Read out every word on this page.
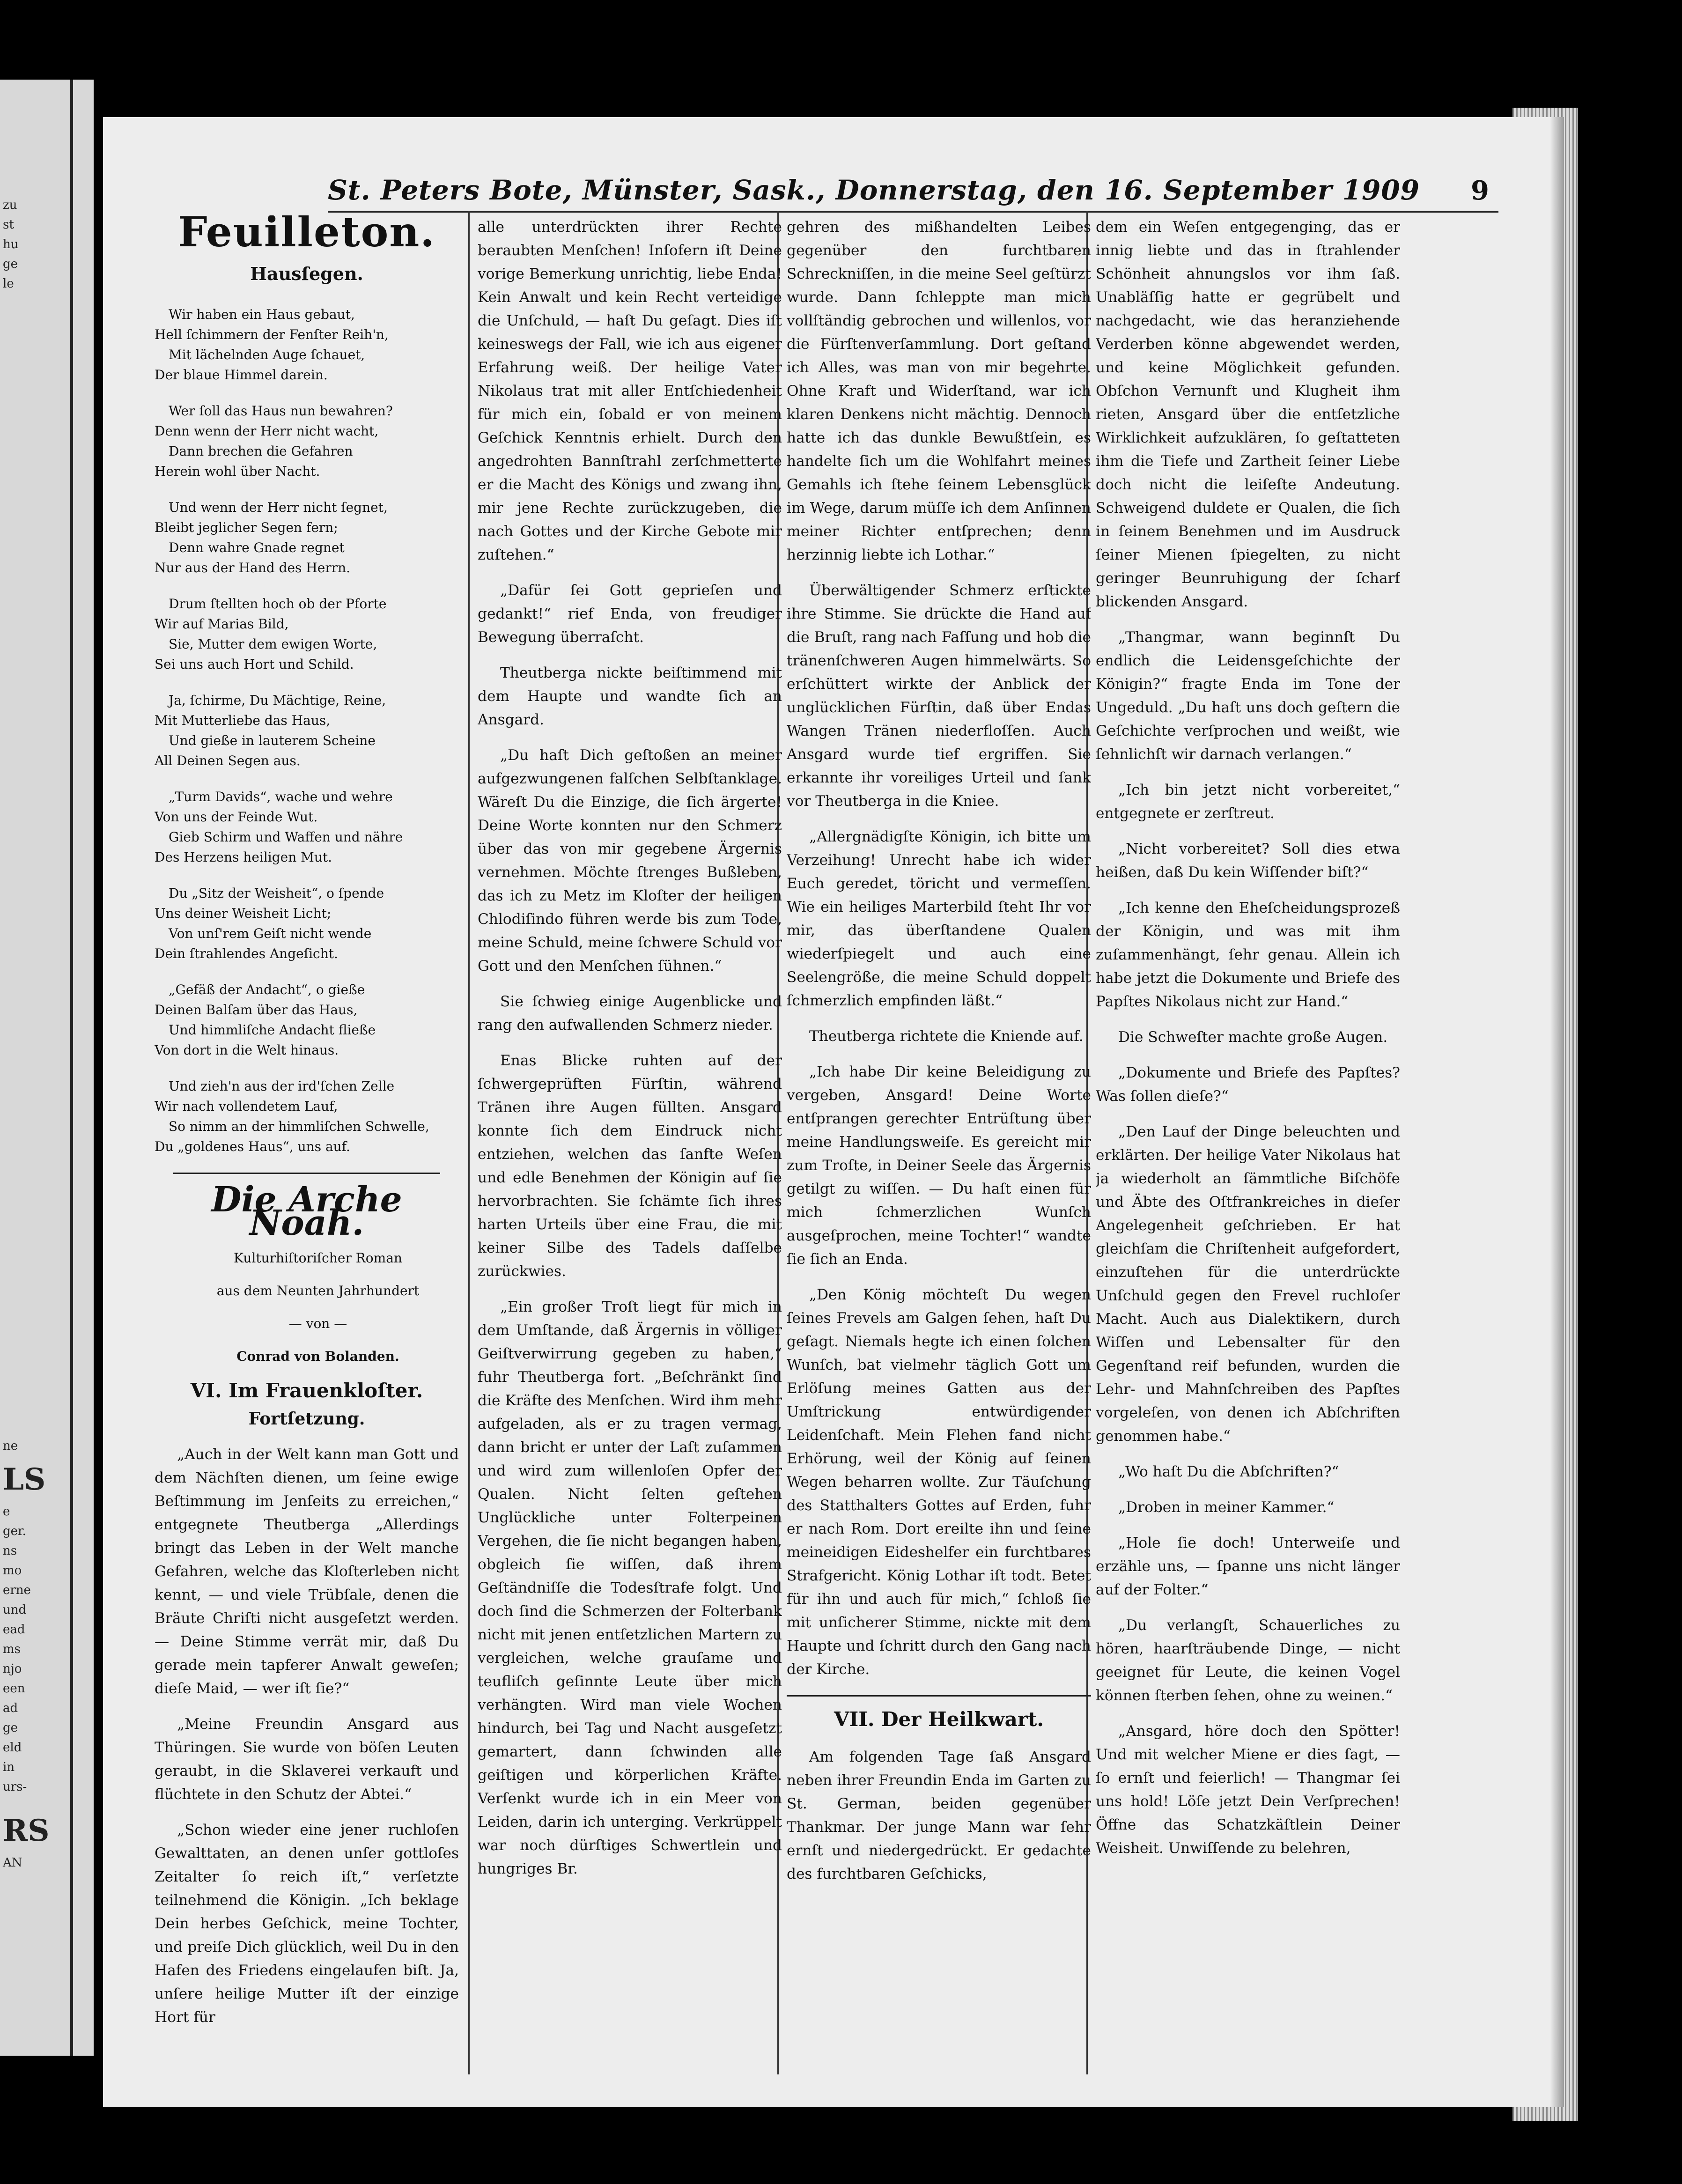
zu
st
hu
ge
le
ne
LS
e
ger.
ns
mo
erne
und
ead
ms
njo
een
ad
ge
eld
in
urs-
RS
AN
St. Peters Bote, Münster, Sask., Donnerstag, den 16. September 1909 9
Feuilleton.
Hausſegen.
Wir haben ein Haus gebaut,
Hell ſchimmern der Fenſter Reih'n,
Mit lächelnden Auge ſchauet,
Der blaue Himmel darein.
Wer ſoll das Haus nun bewahren?
Denn wenn der Herr nicht wacht,
Dann brechen die Gefahren
Herein wohl über Nacht.
Und wenn der Herr nicht ſegnet,
Bleibt jeglicher Segen fern;
Denn wahre Gnade regnet
Nur aus der Hand des Herrn.
Drum ſtellten hoch ob der Pforte
Wir auf Marias Bild,
Sie, Mutter dem ewigen Worte,
Sei uns auch Hort und Schild.
Ja, ſchirme, Du Mächtige, Reine,
Mit Mutterliebe das Haus,
Und gieße in lauterem Scheine
All Deinen Segen aus.
„Turm Davids“, wache und wehre
Von uns der Feinde Wut.
Gieb Schirm und Waffen und nähre
Des Herzens heiligen Mut.
Du „Sitz der Weisheit“, o ſpende
Uns deiner Weisheit Licht;
Von unſ'rem Geiſt nicht wende
Dein ſtrahlendes Angeſicht.
„Gefäß der Andacht“, o gieße
Deinen Balſam über das Haus,
Und himmliſche Andacht fließe
Von dort in die Welt hinaus.
Und zieh'n aus der ird'ſchen Zelle
Wir nach vollendetem Lauf,
So nimm an der himmliſchen Schwelle,
Du „goldenes Haus“, uns auf.
Die Arche Noah.

Kulturhiſtoriſcher Roman

aus dem Neunten Jahrhundert

— von —

Conrad von Bolanden.

VI. Im Frauenkloſter.
Fortſetzung.

„Auch in der Welt kann man Gott und dem Nächſten dienen, um ſeine ewige Beſtimmung im Jenſeits zu erreichen,“ entgegnete Theutberga „Allerdings bringt das Leben in der Welt manche Gefahren, welche das Kloſterleben nicht kennt, — und viele Trübſale, denen die Bräute Chriſti nicht ausgeſetzt werden. — Deine Stimme verrät mir, daß Du gerade mein tapferer Anwalt geweſen; dieſe Maid, — wer iſt ſie?“

„Meine Freundin Ansgard aus Thüringen. Sie wurde von böſen Leuten geraubt, in die Sklaverei verkauft und flüchtete in den Schutz der Abtei.“

„Schon wieder eine jener ruchloſen Gewalttaten, an denen unſer gottloſes Zeitalter ſo reich iſt,“ verſetzte teilnehmend die Königin. „Ich beklage Dein herbes Geſchick, meine Tochter, und preiſe Dich glücklich, weil Du in den Hafen des Friedens eingelaufen biſt. Ja, unſere heilige Mutter iſt der einzige Hort für

alle unterdrückten ihrer Rechte beraubten Menſchen! Inſofern iſt Deine vorige Bemerkung unrichtig, liebe Enda! Kein Anwalt und kein Recht verteidige die Unſchuld, — haſt Du geſagt. Dies iſt keineswegs der Fall, wie ich aus eigener Erfahrung weiß. Der heilige Vater Nikolaus trat mit aller Entſchiedenheit für mich ein, ſobald er von meinem Geſchick Kenntnis erhielt. Durch den angedrohten Bannſtrahl zerſchmetterte er die Macht des Königs und zwang ihn, mir jene Rechte zurückzugeben, die nach Gottes und der Kirche Gebote mir zuſtehen.“

„Dafür ſei Gott geprieſen und gedankt!“ rief Enda, von freudiger Bewegung überraſcht.

Theutberga nickte beiſtimmend mit dem Haupte und wandte ſich an Ansgard.

„Du haſt Dich geſtoßen an meiner aufgezwungenen falſchen Selbſtanklage. Wäreſt Du die Einzige, die ſich ärgerte! Deine Worte konnten nur den Schmerz über das von mir gegebene Ärgernis vernehmen. Möchte ſtrenges Bußleben, das ich zu Metz im Kloſter der heiligen Chlodiſindo führen werde bis zum Tode, meine Schuld, meine ſchwere Schuld vor Gott und den Menſchen ſühnen.“

Sie ſchwieg einige Augenblicke und rang den aufwallenden Schmerz nieder.

Enas Blicke ruhten auf der ſchwergeprüften Fürſtin, während Tränen ihre Augen füllten. Ansgard konnte ſich dem Eindruck nicht entziehen, welchen das ſanfte Weſen und edle Benehmen der Königin auf ſie hervorbrachten. Sie ſchämte ſich ihres harten Urteils über eine Frau, die mit keiner Silbe des Tadels daſſelbe zurückwies.

„Ein großer Troſt liegt für mich in dem Umſtande, daß Ärgernis in völliger Geiſtverwirrung gegeben zu haben,“ fuhr Theutberga fort. „Beſchränkt ſind die Kräfte des Menſchen. Wird ihm mehr aufgeladen, als er zu tragen vermag, dann bricht er unter der Laſt zuſammen und wird zum willenloſen Opfer der Qualen. Nicht ſelten geſtehen Unglückliche unter Folterpeinen Vergehen, die ſie nicht begangen haben, obgleich ſie wiſſen, daß ihrem Geſtändniſſe die Todesſtrafe folgt. Und doch ſind die Schmerzen der Folterbank nicht mit jenen entſetzlichen Martern zu vergleichen, welche grauſame und teufliſch geſinnte Leute über mich verhängten. Wird man viele Wochen hindurch, bei Tag und Nacht ausgeſetzt gemartert, dann ſchwinden alle geiſtigen und körperlichen Kräfte. Verſenkt wurde ich in ein Meer von Leiden, darin ich unterging. Verkrüppelt war noch dürſtiges Schwertlein und hungriges Br.

gehren des mißhandelten Leibes gegenüber den furchtbaren Schreckniſſen, in die meine Seel geſtürzt wurde. Dann ſchleppte man mich vollſtändig gebrochen und willenlos, vor die Fürſtenverſammlung. Dort geſtand ich Alles, was man von mir begehrte. Ohne Kraft und Widerſtand, war ich klaren Denkens nicht mächtig. Dennoch hatte ich das dunkle Bewußtſein, es handelte ſich um die Wohlfahrt meines Gemahls ich ſtehe ſeinem Lebensglück im Wege, darum müſſe ich dem Anſinnen meiner Richter entſprechen; denn herzinnig liebte ich Lothar.“

Überwältigender Schmerz erſtickte ihre Stimme. Sie drückte die Hand auf die Bruſt, rang nach Faſſung und hob die tränenſchweren Augen himmelwärts. So erſchüttert wirkte der Anblick der unglücklichen Fürſtin, daß über Endas Wangen Tränen niederfloſſen. Auch Ansgard wurde tief ergriffen. Sie erkannte ihr voreiliges Urteil und ſank vor Theutberga in die Kniee.

„Allergnädigſte Königin, ich bitte um Verzeihung! Unrecht habe ich wider Euch geredet, töricht und vermeſſen. Wie ein heiliges Marterbild ſteht Ihr vor mir, das überſtandene Qualen wiederſpiegelt und auch eine Seelengröße, die meine Schuld doppelt ſchmerzlich empfinden läßt.“

Theutberga richtete die Kniende auf.

„Ich habe Dir keine Beleidigung zu vergeben, Ansgard! Deine Worte entſprangen gerechter Entrüſtung über meine Handlungsweiſe. Es gereicht mir zum Troſte, in Deiner Seele das Ärgernis getilgt zu wiſſen. — Du haſt einen für mich ſchmerzlichen Wunſch ausgeſprochen, meine Tochter!“ wandte ſie ſich an Enda.

„Den König möchteſt Du wegen ſeines Frevels am Galgen ſehen, haſt Du geſagt. Niemals hegte ich einen ſolchen Wunſch, bat vielmehr täglich Gott um Erlöſung meines Gatten aus der Umſtrickung entwürdigender Leidenſchaft. Mein Flehen fand nicht Erhörung, weil der König auf ſeinen Wegen beharren wollte. Zur Täuſchung des Statthalters Gottes auf Erden, fuhr er nach Rom. Dort ereilte ihn und ſeine meineidigen Eideshelfer ein furchtbares Strafgericht. König Lothar iſt todt. Betet für ihn und auch für mich,“ ſchloß ſie mit unſicherer Stimme, nickte mit dem Haupte und ſchritt durch den Gang nach der Kirche.

VII. Der Heilkwart.

Am folgenden Tage ſaß Ansgard neben ihrer Freundin Enda im Garten zu St. German, beiden gegenüber Thankmar. Der junge Mann war ſehr ernſt und niedergedrückt. Er gedachte des furchtbaren Geſchicks,

dem ein Weſen entgegenging, das er innig liebte und das in ſtrahlender Schönheit ahnungslos vor ihm ſaß. Unabläſſig hatte er gegrübelt und nachgedacht, wie das heranziehende Verderben könne abgewendet werden, und keine Möglichkeit gefunden. Obſchon Vernunft und Klugheit ihm rieten, Ansgard über die entſetzliche Wirklichkeit aufzuklären, ſo geſtatteten ihm die Tiefe und Zartheit ſeiner Liebe doch nicht die leiſeſte Andeutung. Schweigend duldete er Qualen, die ſich in ſeinem Benehmen und im Ausdruck ſeiner Mienen ſpiegelten, zu nicht geringer Beunruhigung der ſcharf blickenden Ansgard.

„Thangmar, wann beginnſt Du endlich die Leidensgeſchichte der Königin?“ fragte Enda im Tone der Ungeduld. „Du haſt uns doch geſtern die Geſchichte verſprochen und weißt, wie ſehnlichſt wir darnach verlangen.“

„Ich bin jetzt nicht vorbereitet,“ entgegnete er zerſtreut.

„Nicht vorbereitet? Soll dies etwa heißen, daß Du kein Wiſſender biſt?“

„Ich kenne den Eheſcheidungsprozeß der Königin, und was mit ihm zuſammenhängt, ſehr genau. Allein ich habe jetzt die Dokumente und Briefe des Papſtes Nikolaus nicht zur Hand.“

Die Schweſter machte große Augen.

„Dokumente und Briefe des Papſtes? Was ſollen dieſe?“

„Den Lauf der Dinge beleuchten und erklärten. Der heilige Vater Nikolaus hat ja wiederholt an ſämmtliche Biſchöfe und Äbte des Oſtfrankreiches in dieſer Angelegenheit geſchrieben. Er hat gleichſam die Chriſtenheit aufgefordert, einzuſtehen für die unterdrückte Unſchuld gegen den Frevel ruchloſer Macht. Auch aus Dialektikern, durch Wiſſen und Lebensalter für den Gegenſtand reif befunden, wurden die Lehr- und Mahnſchreiben des Papſtes vorgeleſen, von denen ich Abſchriften genommen habe.“

„Wo haſt Du die Abſchriften?“

„Droben in meiner Kammer.“

„Hole ſie doch! Unterweiſe und erzähle uns, — ſpanne uns nicht länger auf der Folter.“

„Du verlangſt, Schauerliches zu hören, haarſträubende Dinge, — nicht geeignet für Leute, die keinen Vogel können ſterben ſehen, ohne zu weinen.“

„Ansgard, höre doch den Spötter! Und mit welcher Miene er dies ſagt, — ſo ernſt und feierlich! — Thangmar ſei uns hold! Löſe jetzt Dein Verſprechen! Öffne das Schatzkäſtlein Deiner Weisheit. Unwiſſende zu belehren,
